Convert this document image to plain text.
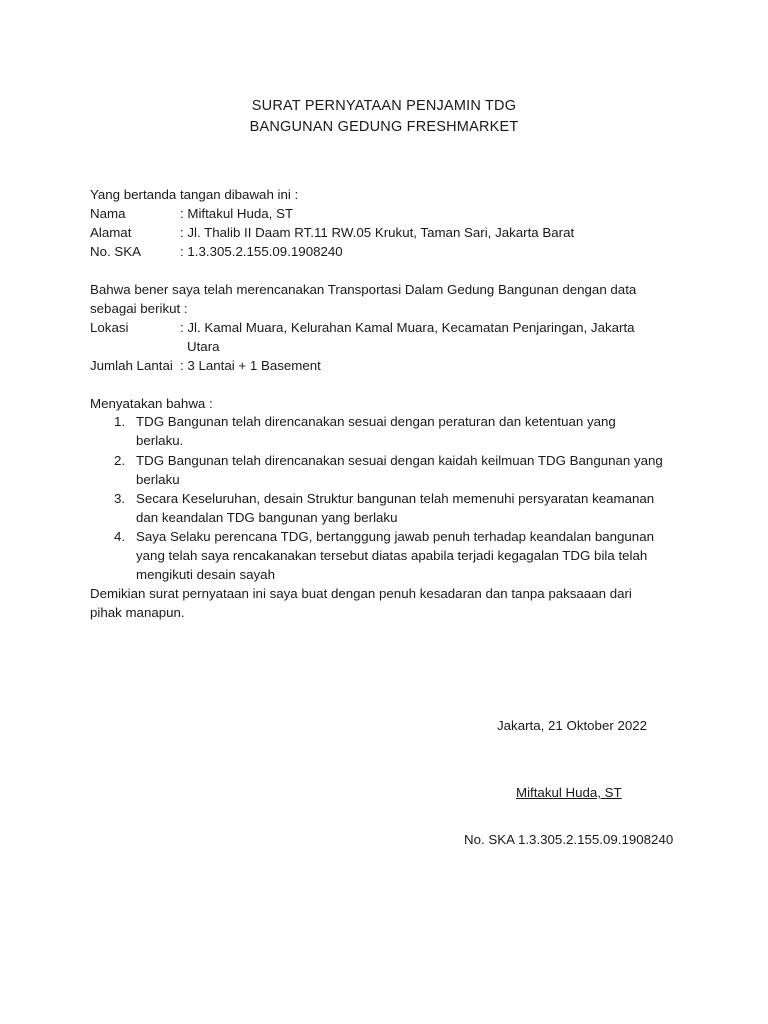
SURAT PERNYATAAN PENJAMIN TDG
BANGUNAN GEDUNG FRESHMARKET
Yang bertanda tangan dibawah ini :
Nama	: Miftakul Huda, ST
Alamat	: Jl. Thalib II Daam RT.11 RW.05 Krukut, Taman Sari, Jakarta Barat
No. SKA	: 1.3.305.2.155.09.1908240
Bahwa bener saya telah merencanakan Transportasi Dalam Gedung Bangunan dengan data
sebagai berikut :
Lokasi	: Jl. Kamal Muara, Kelurahan Kamal Muara, Kecamatan Penjaringan, Jakarta
Utara
Jumlah Lantai : 3 Lantai + 1 Basement
Menyatakan bahwa :
1. TDG Bangunan telah direncanakan sesuai dengan peraturan dan ketentuan yang
berlaku.
2. TDG Bangunan telah direncanakan sesuai dengan kaidah keilmuan TDG Bangunan yang
berlaku
3. Secara Keseluruhan, desain Struktur bangunan telah memenuhi persyaratan keamanan
dan keandalan TDG bangunan yang berlaku
4. Saya Selaku perencana TDG, bertanggung jawab penuh terhadap keandalan bangunan
yang telah saya rencakanakan tersebut diatas apabila terjadi kegagalan TDG bila telah
mengikuti desain sayah
Demikian surat pernyataan ini saya buat dengan penuh kesadaran dan tanpa paksaaan dari
pihak manapun.
Jakarta, 21 Oktober 2022
Miftakul Huda, ST
No. SKA 1.3.305.2.155.09.1908240
